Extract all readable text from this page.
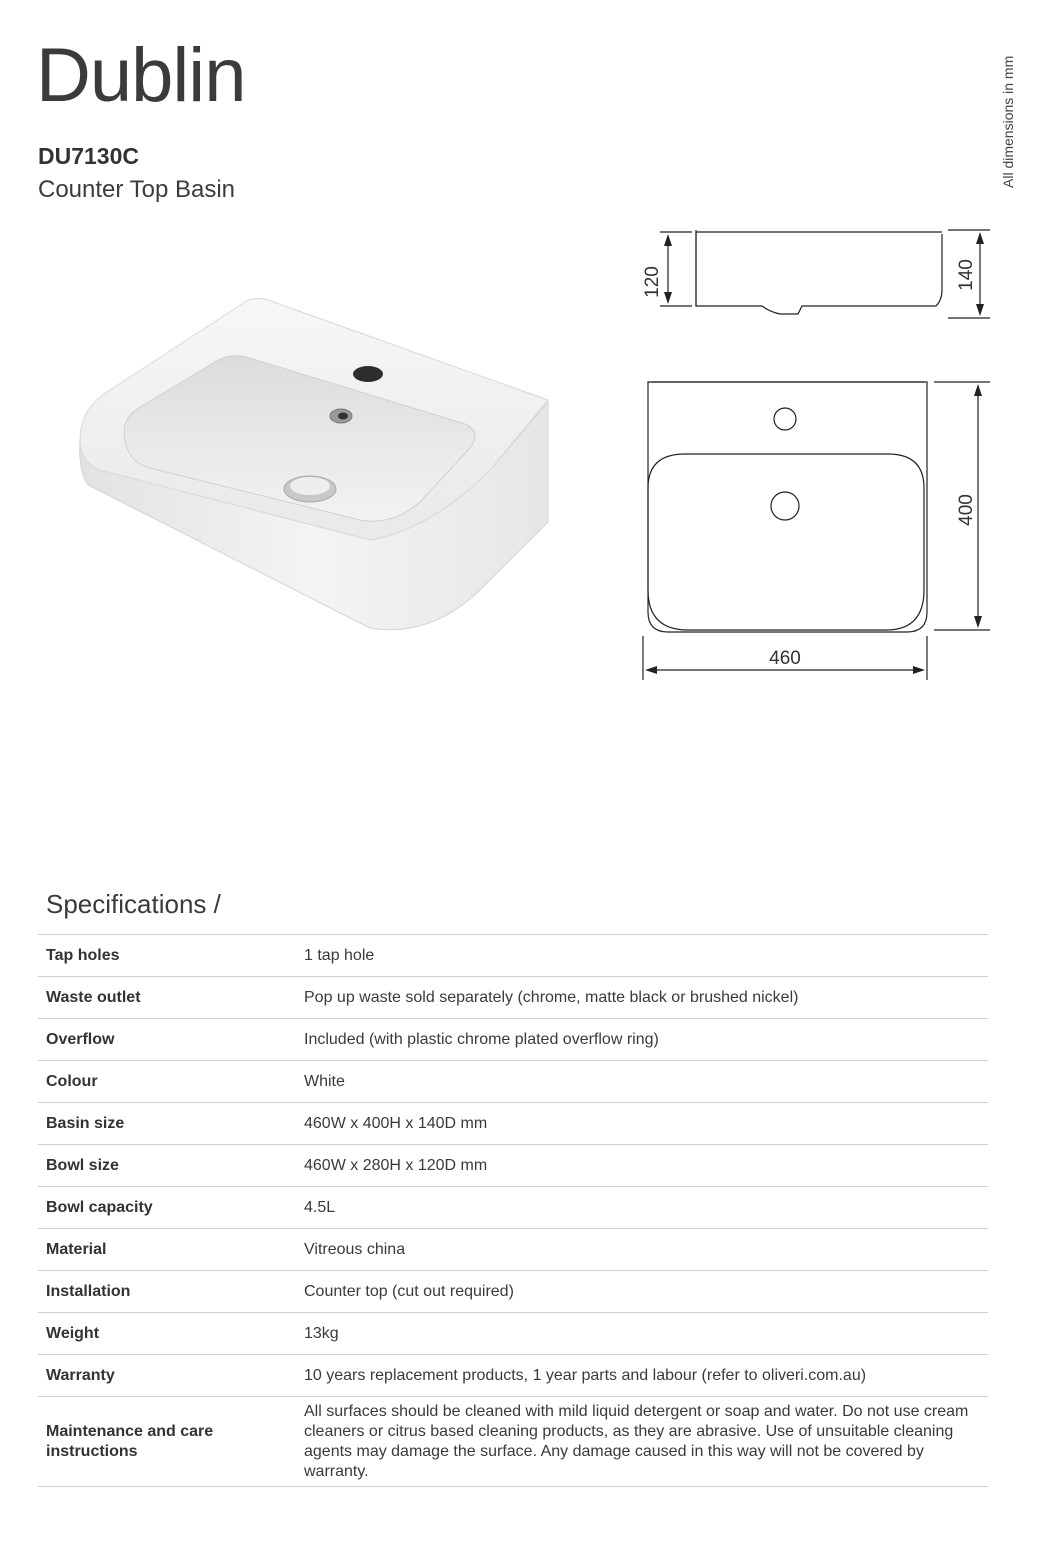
Dublin
DU7130C
Counter Top Basin
All dimensions in mm
120	140
400
460
Specifications /
Tap holes	1 tap hole
Waste outlet	Pop up waste sold separately (chrome, matte black or brushed nickel)
Overflow	Included (with plastic chrome plated overflow ring)
Colour	White
Basin size	460W x 400H x 140D mm
Bowl size	460W x 280H x 120D mm
Bowl capacity	4.5L
Material	Vitreous china
Installation	Counter top (cut out required)
Weight	13kg
Warranty	10 years replacement products, 1 year parts and labour (refer to oliveri.com.au)
Maintenance and care instructions	All surfaces should be cleaned with mild liquid detergent or soap and water. Do not use cream cleaners or citrus based cleaning products, as they are abrasive. Use of unsuitable cleaning agents may damage the surface. Any damage caused in this way will not be covered by warranty.
